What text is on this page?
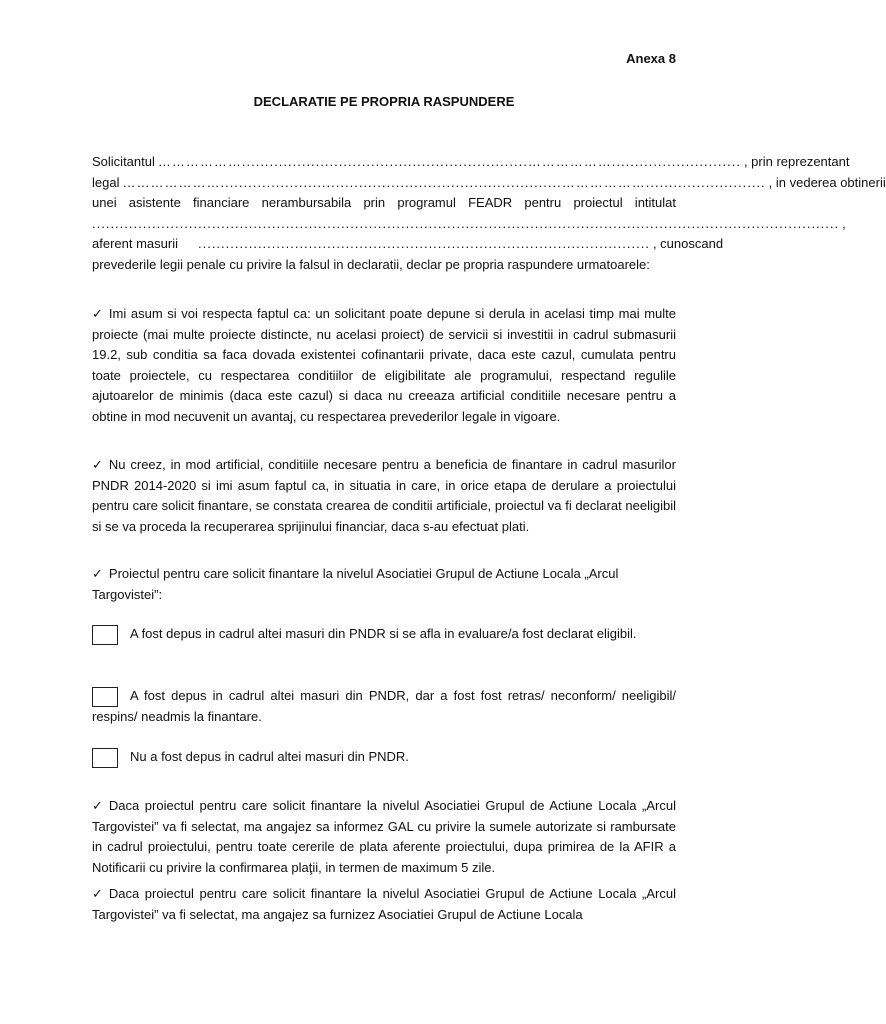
Anexa 8
DECLARATIE PE PROPRIA RASPUNDERE
Solicitantul ………………..............................................................………………............................ , prin reprezentant
legal …………………..........................................................................……………….......................... , in vederea obtinerii
unei asistente financiare nerambursabila prin programul FEADR pentru proiectul intitulat
.................................................................................................................................................................. ,
aferent masurii .................................................................................................. , cunoscand

prevederile legii penale cu privire la falsul in declaratii, declar pe propria raspundere urmatoarele:

✓ Imi asum si voi respecta faptul ca: un solicitant poate depune si derula in acelasi timp mai multe proiecte (mai multe proiecte distincte, nu acelasi proiect) de servicii si investitii in cadrul submasurii 19.2, sub conditia sa faca dovada existentei cofinantarii private, daca este cazul, cumulata pentru toate proiectele, cu respectarea conditiilor de eligibilitate ale programului, respectand regulile ajutoarelor de minimis (daca este cazul) si daca nu creeaza artificial conditiile necesare pentru a obtine in mod necuvenit un avantaj, cu respectarea prevederilor legale in vigoare.

✓ Nu creez, in mod artificial, conditiile necesare pentru a beneficia de finantare in cadrul masurilor PNDR 2014-2020 si imi asum faptul ca, in situatia in care, in orice etapa de derulare a proiectului pentru care solicit finantare, se constata crearea de conditii artificiale, proiectul va fi declarat neeligibil si se va proceda la recuperarea sprijinului financiar, daca s-au efectuat plati.

✓ Proiectul pentru care solicit finantare la nivelul Asociatiei Grupul de Actiune Locala „Arcul Targovistei”:

A fost depus in cadrul altei masuri din PNDR si se afla in evaluare/a fost declarat eligibil.
A fost depus in cadrul altei masuri din PNDR, dar a fost fost retras/ neconform/ neeligibil/ respins/ neadmis la finantare.
Nu a fost depus in cadrul altei masuri din PNDR.

✓ Daca proiectul pentru care solicit finantare la nivelul Asociatiei Grupul de Actiune Locala „Arcul Targovistei” va fi selectat, ma angajez sa informez GAL cu privire la sumele autorizate si rambursate in cadrul proiectului, pentru toate cererile de plata aferente proiectului, dupa primirea de la AFIR a Notificarii cu privire la confirmarea plaţii, in termen de maximum 5 zile.

✓ Daca proiectul pentru care solicit finantare la nivelul Asociatiei Grupul de Actiune Locala „Arcul Targovistei” va fi selectat, ma angajez sa furnizez Asociatiei Grupul de Actiune Locala
